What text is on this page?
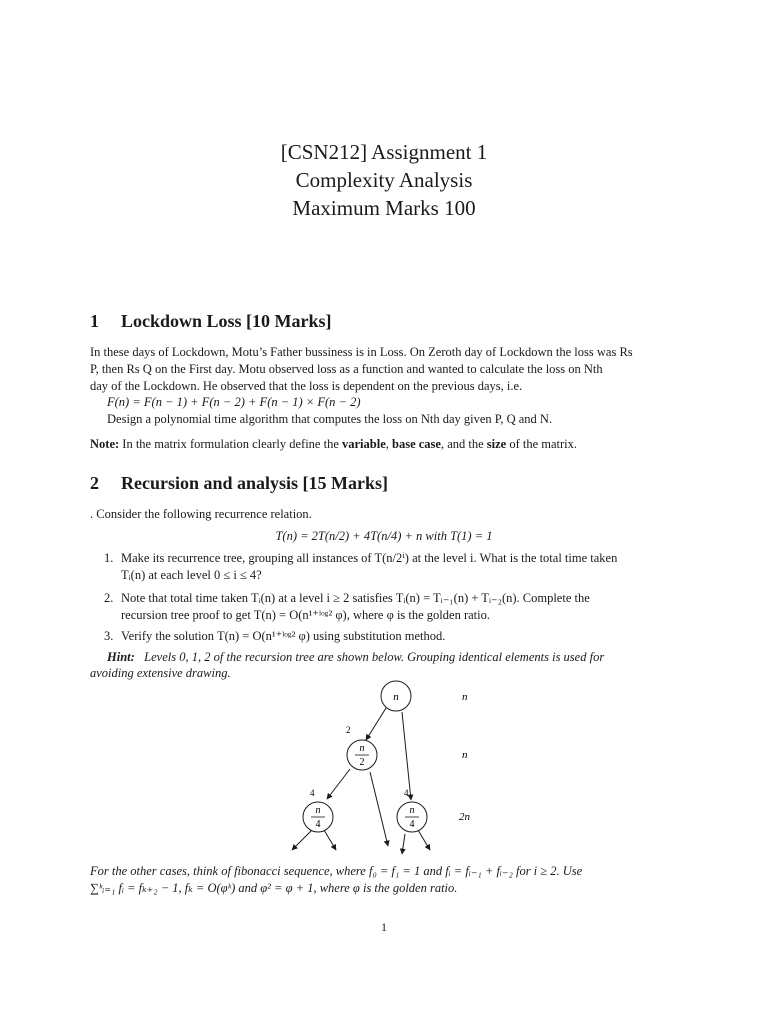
[CSN212] Assignment 1
Complexity Analysis
Maximum Marks 100
1 Lockdown Loss [10 Marks]
In these days of Lockdown, Motu’s Father bussiness is in Loss. On Zeroth day of Lockdown the loss was Rs
P, then Rs Q on the First day. Motu observed loss as a function and wanted to calculate the loss on Nth
day of the Lockdown. He observed that the loss is dependent on the previous days, i.e.
F(n) = F(n − 1) + F(n − 2) + F(n − 1) × F(n − 2)
Design a polynomial time algorithm that computes the loss on Nth day given P, Q and N.
Note: In the matrix formulation clearly define the variable, base case, and the size of the matrix.
2 Recursion and analysis [15 Marks]
. Consider the following recurrence relation.
T(n) = 2T(n/2) + 4T(n/4) + n with T(1) = 1
1. Make its recurrence tree, grouping all instances of T(n/2ⁱ) at the level i. What is the total time taken
Tᵢ(n) at each level 0 ≤ i ≤ 4?
2. Note that total time taken Tᵢ(n) at a level i ≥ 2 satisfies Tᵢ(n) = Tᵢ₋₁(n) + Tᵢ₋₂(n). Complete the
recursion tree proof to get T(n) = O(n¹⁺ˡᵒᵍ² φ), where φ is the golden ratio.
3. Verify the solution T(n) = O(n¹⁺ˡᵒᵍ² φ) using substitution method.
Hint: Levels 0, 1, 2 of the recursion tree are shown below. Grouping identical elements is used for
avoiding extensive drawing.
n
n
2
n
4
n
4
2
4	4
n
n
2n
For the other cases, think of fibonacci sequence, where f₀ = f₁ = 1 and fᵢ = fᵢ₋₁ + fᵢ₋₂ for i ≥ 2. Use
∑ᵏᵢ₌₁ fᵢ = fₖ₊₂ − 1, fₖ = O(φᵏ) and φ² = φ + 1, where φ is the golden ratio.
1
